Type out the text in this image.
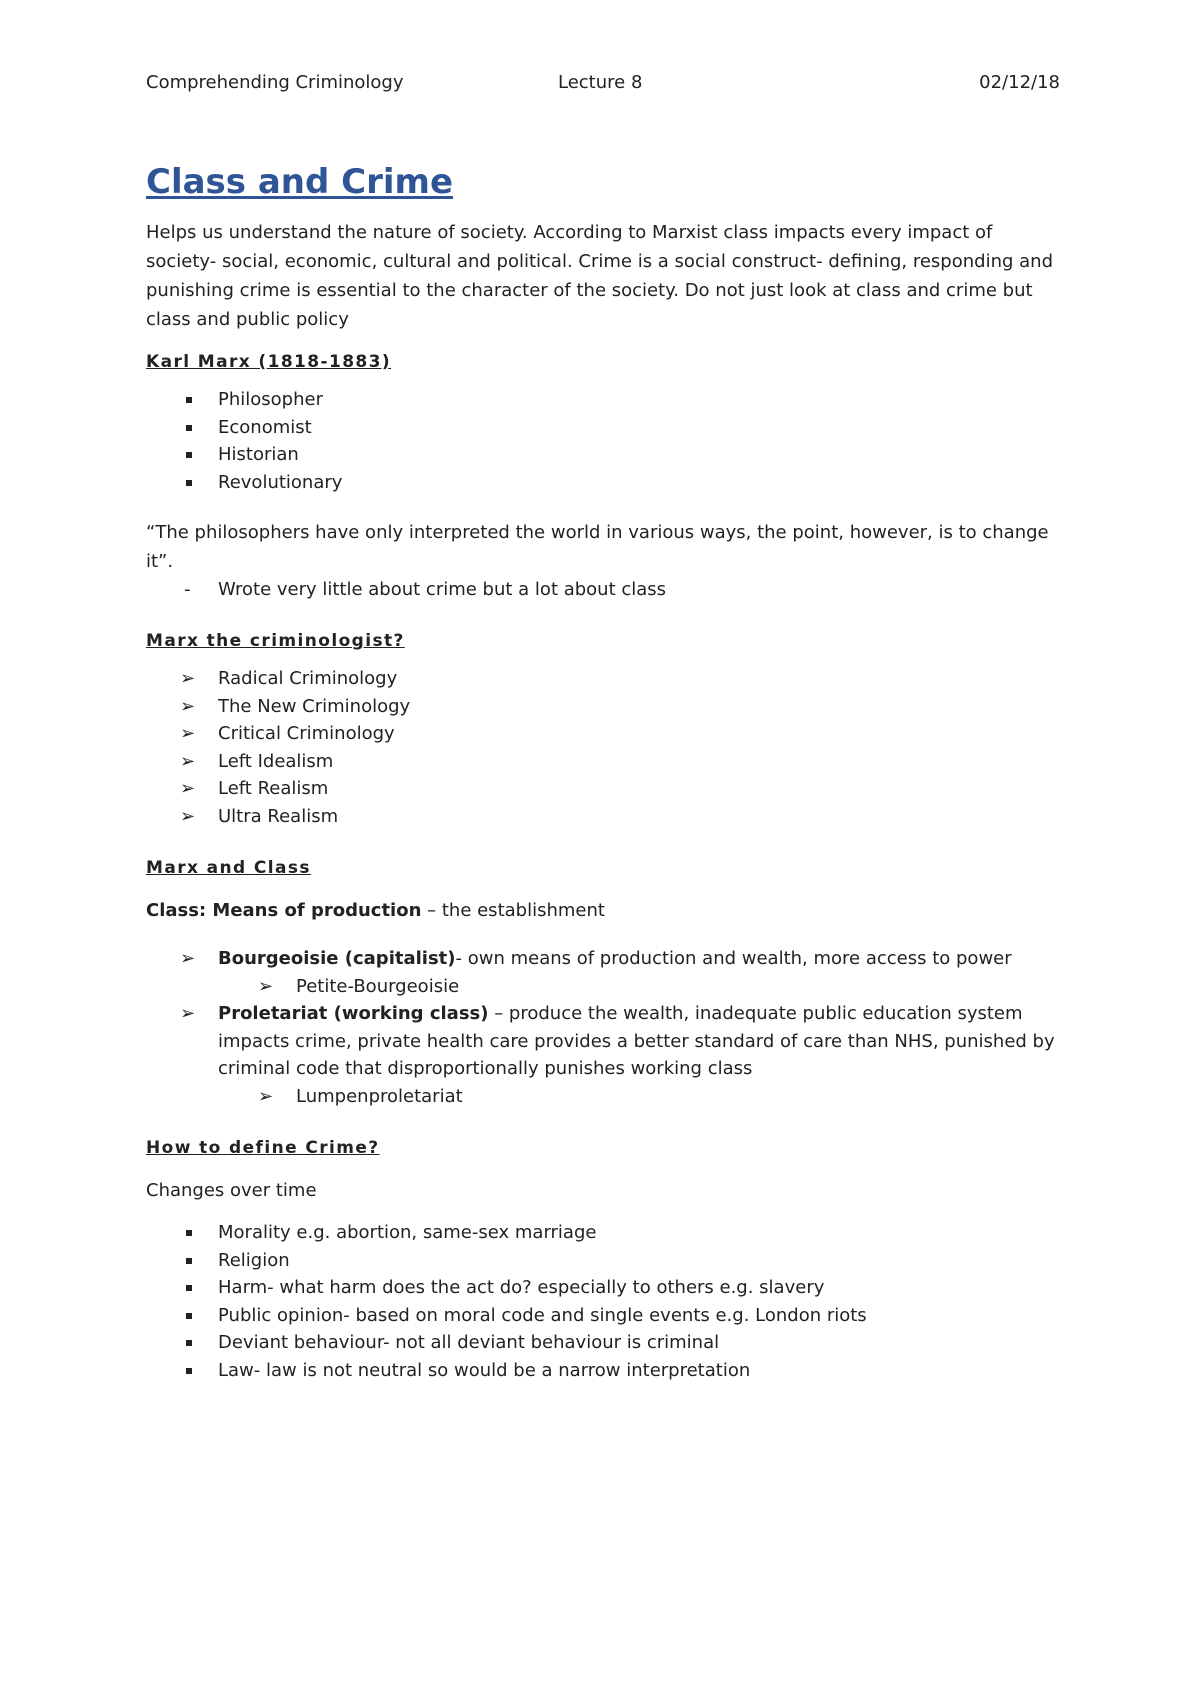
Comprehending Criminology	Lecture 8	02/12/18
Class and Crime

Helps us understand the nature of society. According to Marxist class impacts every impact of society- social, economic, cultural and political. Crime is a social construct- defining, responding and punishing crime is essential to the character of the society. Do not just look at class and crime but class and public policy

Karl Marx (1818-1883)
Philosopher
Economist
Historian
Revolutionary

“The philosophers have only interpreted the world in various ways, the point, however, is to change it”.

- Wrote very little about crime but a lot about class
Marx the criminologist?
➢ Radical Criminology
➢ The New Criminology
➢ Critical Criminology
➢ Left Idealism
➢ Left Realism
➢ Ultra Realism
Marx and Class

Class: Means of production – the establishment

➢ Bourgeoisie (capitalist)- own means of production and wealth, more access to power
➢ Petite-Bourgeoisie
➢ Proletariat (working class) – produce the wealth, inadequate public education system impacts crime, private health care provides a better standard of care than NHS, punished by criminal code that disproportionally punishes working class
➢ Lumpenproletariat
How to define Crime?

Changes over time

Morality e.g. abortion, same-sex marriage
Religion
Harm- what harm does the act do? especially to others e.g. slavery
Public opinion- based on moral code and single events e.g. London riots
Deviant behaviour- not all deviant behaviour is criminal
Law- law is not neutral so would be a narrow interpretation
